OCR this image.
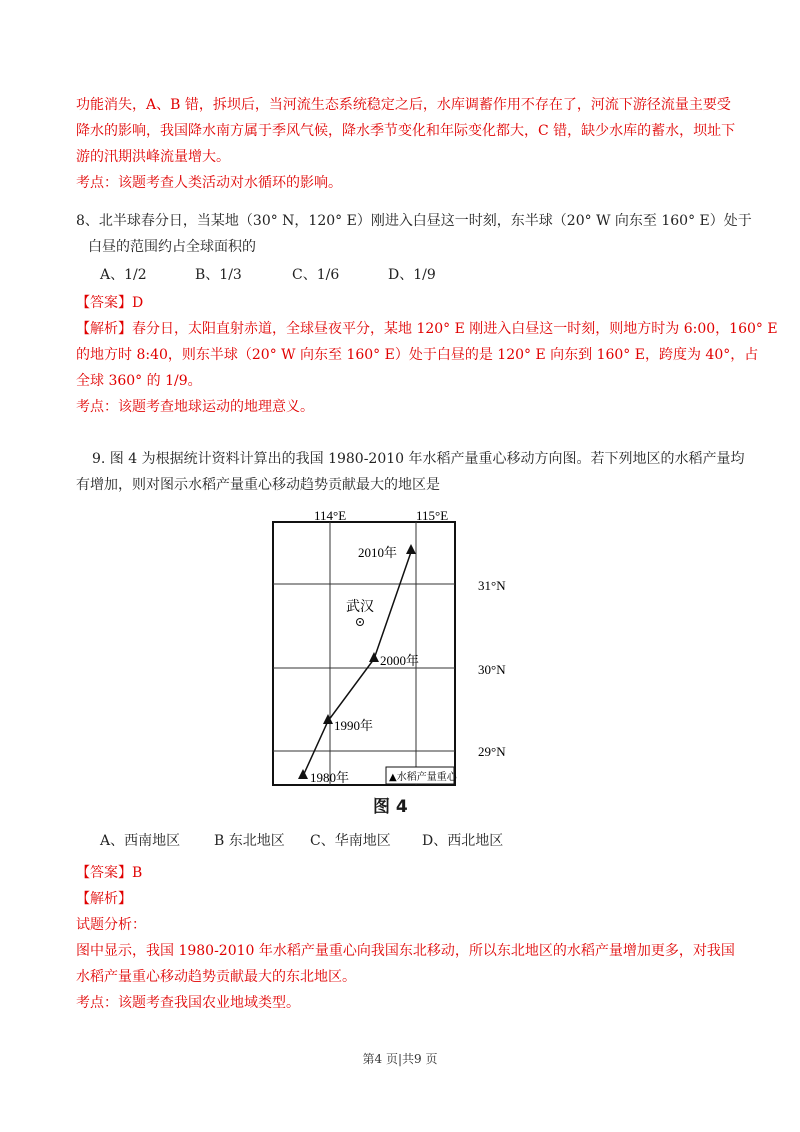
功能消失，A、B 错，拆坝后，当河流生态系统稳定之后，水库调蓄作用不存在了，河流下游径流量主要受
降水的影响，我国降水南方属于季风气候，降水季节变化和年际变化都大，C 错，缺少水库的蓄水，坝址下
游的汛期洪峰流量增大。
考点：该题考查人类活动对水循环的影响。
8、北半球春分日，当某地（30° N，120° E）刚进入白昼这一时刻，东半球（20° W 向东至 160° E）处于
白昼的范围约占全球面积的
A、1/2	B、1/3	C、1/6	D、1/9
【答案】D
【解析】春分日，太阳直射赤道，全球昼夜平分，某地 120° E 刚进入白昼这一时刻，则地方时为 6:00，160° E
的地方时 8:40，则东半球（20° W 向东至 160° E）处于白昼的是 120° E 向东到 160° E，跨度为 40°，占
全球 360° 的 1/9。
考点：该题考查地球运动的地理意义。
9. 图 4 为根据统计资料计算出的我国 1980-2010 年水稻产量重心移动方向图。若下列地区的水稻产量均
有增加，则对图示水稻产量重心移动趋势贡献最大的地区是
114°E	115°E
31°N
30°N
29°N
2010年
2000年
1990年
1980年
武汉
▲水稻产量重心
图 4
A、西南地区	B 东北地区	C、华南地区	D、西北地区
【答案】B
【解析】
试题分析：
图中显示，我国 1980-2010 年水稻产量重心向我国东北移动，所以东北地区的水稻产量增加更多，对我国
水稻产量重心移动趋势贡献最大的东北地区。
考点：该题考查我国农业地域类型。
第4 页|共9 页
